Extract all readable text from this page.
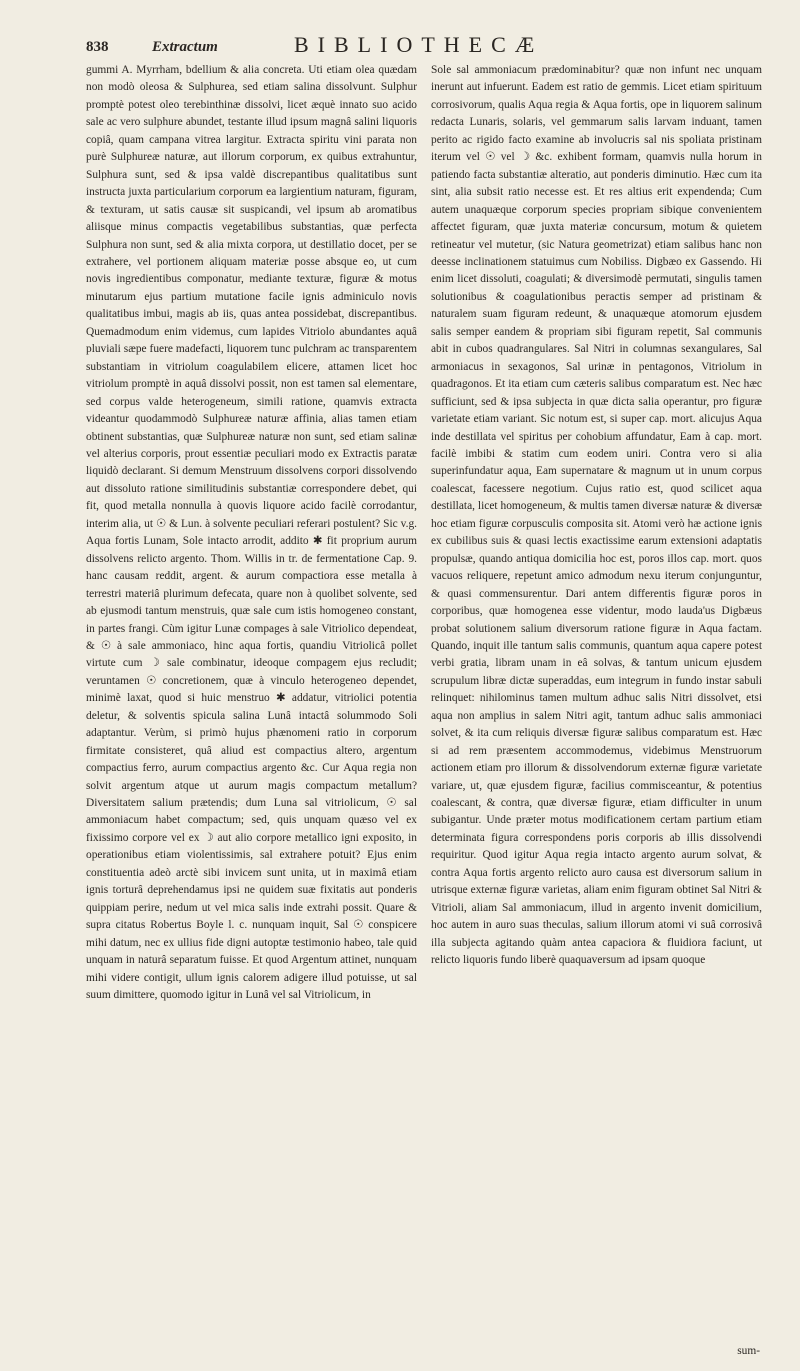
838	Extractum	BIBLIOTHECÆ

gummi A. Myrrham, bdellium & alia concreta. Uti etiam olea quædam non modò oleosa & Sulphurea, sed etiam salina dissolvunt. Sulphur promptè potest oleo terebinthinæ dissolvi, licet æquè innato suo acido sale ac vero sulphure abundet, testante illud ipsum magnâ salini liquoris copiâ, quam campana vitrea largitur. Extracta spiritu vini parata non purè Sulphureæ naturæ, aut illorum corporum, ex quibus extrahuntur, Sulphura sunt, sed & ipsa valdè discrepantibus qualitatibus sunt instructa juxta particularium corporum ea largientium naturam, figuram, & texturam, ut satis causæ sit suspicandi, vel ipsum ab aromatibus aliisque minus compactis vegetabilibus substantias, quæ perfecta Sulphura non sunt, sed & alia mixta corpora, ut destillatio docet, per se extrahere, vel portionem aliquam materiæ posse absque eo, ut cum novis ingredientibus componatur, mediante texturæ, figuræ & motus minutarum ejus partium mutatione facile ignis adminiculo novis qualitatibus imbui, magis ab iis, quas antea possidebat, discrepantibus. Quemadmodum enim videmus, cum lapides Vitriolo abundantes aquâ pluviali sæpe fuere madefacti, liquorem tunc pulchram ac transparentem substantiam in vitriolum coagulabilem elicere, attamen licet hoc vitriolum promptè in aquâ dissolvi possit, non est tamen sal elementare, sed corpus valde heterogeneum, simili ratione, quamvis extracta videantur quodammodò Sulphureæ naturæ affinia, alias tamen etiam obtinent substantias, quæ Sulphureæ naturæ non sunt, sed etiam salinæ vel alterius corporis, prout essentiæ peculiari modo ex Extractis paratæ liquidò declarant. Si demum Menstruum dissolvens corpori dissolvendo aut dissoluto ratione similitudinis substantiæ correspondere debet, qui fit, quod metalla nonnulla à quovis liquore acido facilè corrodantur, interim alia, ut ☉ & Lun. à solvente peculiari referari postulent? Sic v.g. Aqua fortis Lunam, Sole intacto arrodit, addito ✱ fit proprium aurum dissolvens relicto argento. Thom. Willis in tr. de fermentatione Cap. 9. hanc causam reddit, argent. & aurum compactiora esse metalla à terrestri materiâ plurimum defecata, quare non à quolibet solvente, sed ab ejusmodi tantum menstruis, quæ sale cum istis homogeneo constant, in partes frangi. Cùm igitur Lunæ compages à sale Vitriolico dependeat, & ☉ à sale ammoniaco, hinc aqua fortis, quandiu Vitriolicâ pollet virtute cum ☽ sale combinatur, ideoque compagem ejus recludit; veruntamen ☉ concretionem, quæ à vinculo heterogeneo dependet, minimè laxat, quod si huic menstruo ✱ addatur, vitriolici potentia deletur, & solventis spicula salina Lunâ intactâ solummodo Soli adaptantur. Verùm, si primò hujus phænomeni ratio in corporum firmitate consisteret, quâ aliud est compactius altero, argentum compactius ferro, aurum compactius argento &c. Cur Aqua regia non solvit argentum atque ut aurum magis compactum metallum? Diversitatem salium prætendis; dum Luna sal vitriolicum, ☉ sal ammoniacum habet compactum; sed, quis unquam quæso vel ex fixissimo corpore vel ex ☽ aut alio corpore metallico igni exposito, in operationibus etiam violentissimis, sal extrahere potuit? Ejus enim constituentia adeò arctè sibi invicem sunt unita, ut in maximâ etiam ignis torturâ deprehendamus ipsi ne quidem suæ fixitatis aut ponderis quippiam perire, nedum ut vel mica salis inde extrahi possit. Quare & supra citatus Robertus Boyle l. c. nunquam inquit, Sal ☉ conspicere mihi datum, nec ex ullius fide digni autoptæ testimonio habeo, tale quid unquam in naturâ separatum fuisse. Et quod Argentum attinet, nunquam mihi videre contigit, ullum ignis calorem adigere illud potuisse, ut sal suum dimittere, quomodo igitur in Lunâ vel sal Vitriolicum, in

Sole sal ammoniacum prædominabitur? quæ non infunt nec unquam inerunt aut infuerunt. Eadem est ratio de gemmis. Licet etiam spirituum corrosivorum, qualis Aqua regia & Aqua fortis, ope in liquorem salinum redacta Lunaris, solaris, vel gemmarum salis larvam induant, tamen perito ac rigido facto examine ab involucris sal nis spoliata pristinam iterum vel ☉ vel ☽ &c. exhibent formam, quamvis nulla horum in patiendo facta substantiæ alteratio, aut ponderis diminutio. Hæc cum ita sint, alia subsit ratio necesse est. Et res altius erit expendenda; Cum autem unaquæque corporum species propriam sibique convenientem affectet figuram, quæ juxta materiæ concursum, motum & quietem retineatur vel mutetur, (sic Natura geometrizat) etiam salibus hanc non deesse inclinationem statuimus cum Nobiliss. Digbæo ex Gassendo. Hi enim licet dissoluti, coagulati; & diversimodè permutati, singulis tamen solutionibus & coagulationibus peractis semper ad pristinam & naturalem suam figuram redeunt, & unaquæque atomorum ejusdem salis semper eandem & propriam sibi figuram repetit, Sal communis abit in cubos quadrangulares. Sal Nitri in columnas sexangulares, Sal armoniacus in sexagonos, Sal urinæ in pentagonos, Vitriolum in quadragonos. Et ita etiam cum cæteris salibus comparatum est. Nec hæc sufficiunt, sed & ipsa subjecta in quæ dicta salia operantur, pro figuræ varietate etiam variant. Sic notum est, si super cap. mort. alicujus Aqua inde destillata vel spiritus per cohobium affundatur, Eam à cap. mort. facilè imbibi & statim cum eodem uniri. Contra vero si alia superinfundatur aqua, Eam supernatare & magnum ut in unum corpus coalescat, facessere negotium. Cujus ratio est, quod scilicet aqua destillata, licet homogeneum, & multis tamen diversæ naturæ & diversæ hoc etiam figuræ corpusculis composita sit. Atomi verò hæ actione ignis ex cubilibus suis & quasi lectis exactissime earum extensioni adaptatis propulsæ, quando antiqua domicilia hoc est, poros illos cap. mort. quos vacuos reliquere, repetunt amico admodum nexu iterum conjunguntur, & quasi commensurentur. Dari antem differentis figuræ poros in corporibus, quæ homogenea esse videntur, modo lauda'us Digbæus probat solutionem salium diversorum ratione figuræ in Aqua factam. Quando, inquit ille tantum salis communis, quantum aqua capere potest verbi gratia, libram unam in eâ solvas, & tantum unicum ejusdem scrupulum libræ dictæ superaddas, eum integrum in fundo instar sabuli relinquet: nihilominus tamen multum adhuc salis Nitri dissolvet, etsi aqua non amplius in salem Nitri agit, tantum adhuc salis ammoniaci solvet, & ita cum reliquis diversæ figuræ salibus comparatum est. Hæc si ad rem præsentem accommodemus, videbimus Menstruorum actionem etiam pro illorum & dissolvendorum externæ figuræ varietate variare, ut, quæ ejusdem figuræ, facilius commisceantur, & potentius coalescant, & contra, quæ diversæ figuræ, etiam difficulter in unum subigantur. Unde præter motus modificationem certam partium etiam determinata figura correspondens poris corporis ab illis dissolvendi requiritur. Quod igitur Aqua regia intacto argento aurum solvat, & contra Aqua fortis argento relicto auro causa est diversorum salium in utrisque externæ figuræ varietas, aliam enim figuram obtinet Sal Nitri & Vitrioli, aliam Sal ammoniacum, illud in argento invenit domicilium, hoc autem in auro suas theculas, salium illorum atomi vi suâ corrosivâ illa subjecta agitando quàm antea capaciora & fluidiora faciunt, ut relicto liquoris fundo liberè quaquaversum ad ipsam quoque

sum-
